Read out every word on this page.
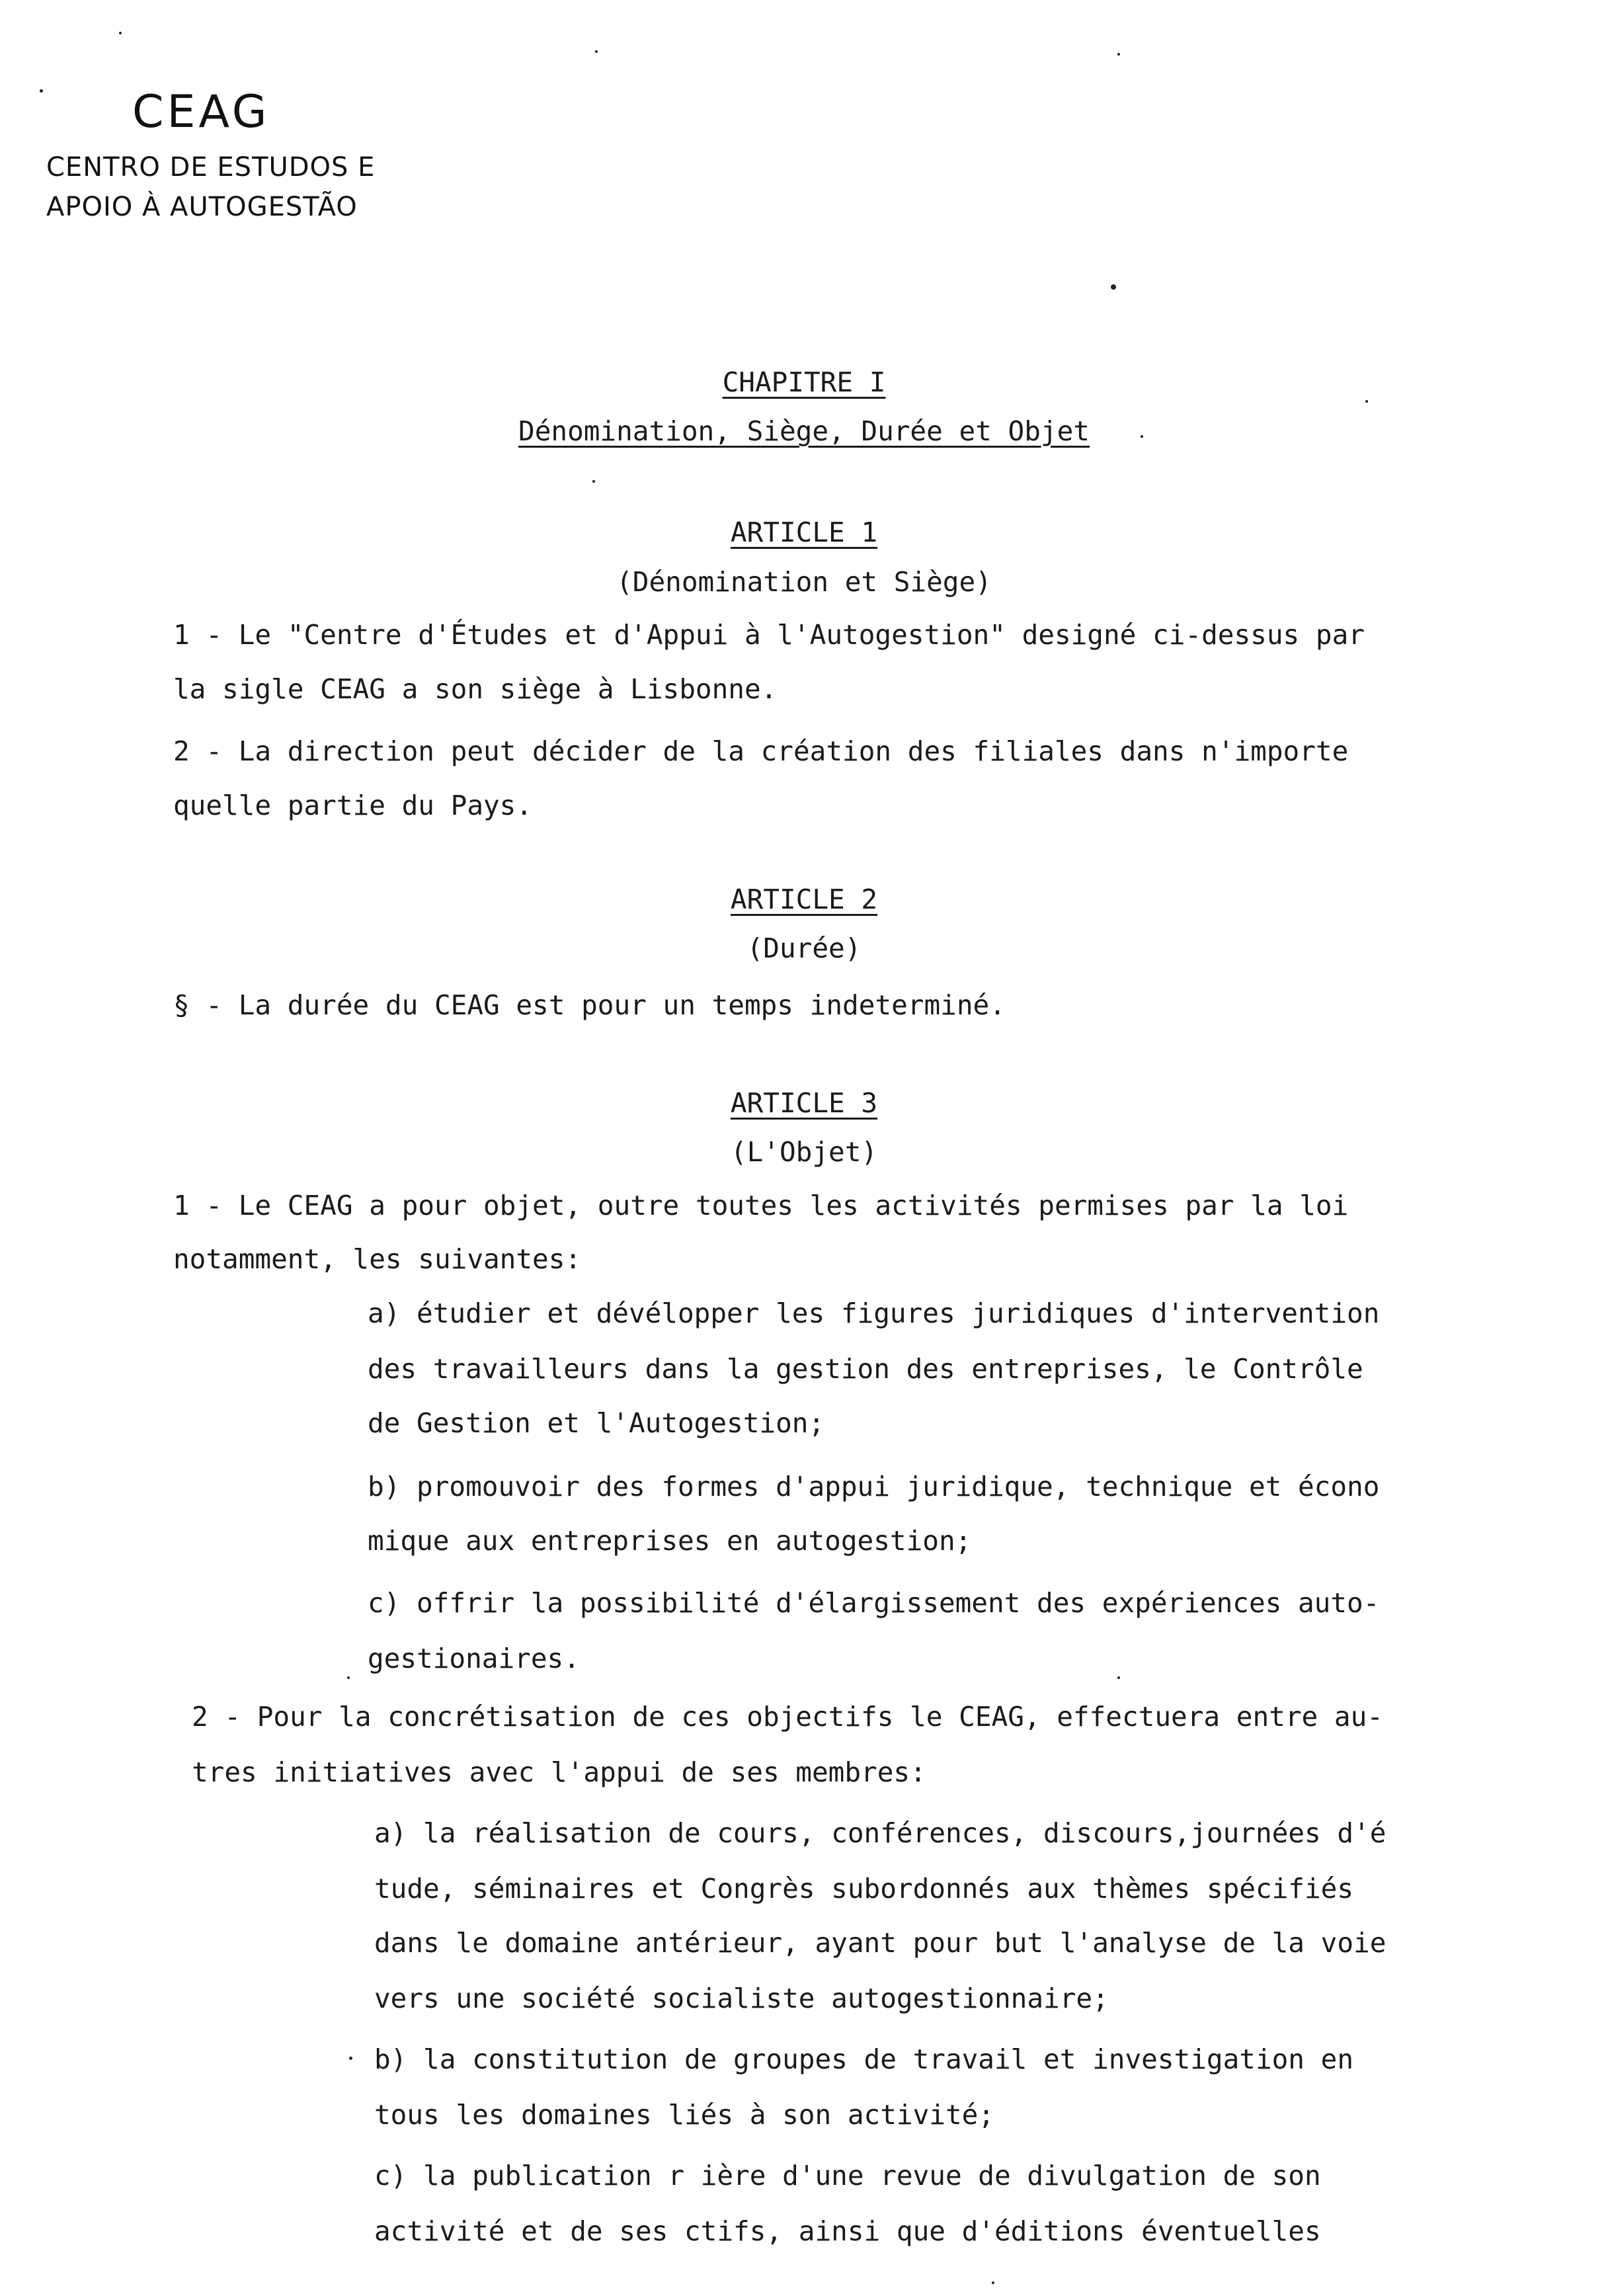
CEAG
CENTRO DE ESTUDOS E
APOIO À AUTOGESTÃO
CHAPITRE I
Dénomination, Siège, Durée et Objet
ARTICLE 1
(Dénomination et Siège)
1 - Le "Centre d'Études et d'Appui à l'Autogestion" designé ci-dessus par
la sigle CEAG a son siège à Lisbonne.
2 - La direction peut décider de la création des filiales dans n'importe
quelle partie du Pays.
ARTICLE 2
(Durée)
§ - La durée du CEAG est pour un temps indeterminé.
ARTICLE 3
(L'Objet)
1 - Le CEAG a pour objet, outre toutes les activités permises par la loi
notamment, les suivantes:
a) étudier et dévélopper les figures juridiques d'intervention
des travailleurs dans la gestion des entreprises, le Contrôle
de Gestion et l'Autogestion;
b) promouvoir des formes d'appui juridique, technique et écono
mique aux entreprises en autogestion;
c) offrir la possibilité d'élargissement des expériences auto-
gestionaires.
2 - Pour la concrétisation de ces objectifs le CEAG, effectuera entre au-
tres initiatives avec l'appui de ses membres:
a) la réalisation de cours, conférences, discours,journées d'é
tude, séminaires et Congrès subordonnés aux thèmes spécifiés
dans le domaine antérieur, ayant pour but l'analyse de la voie
vers une société socialiste autogestionnaire;
b) la constitution de groupes de travail et investigation en
tous les domaines liés à son activité;
c) la publication r ière d'une revue de divulgation de son
activité et de ses ctifs, ainsi que d'éditions éventuelles
